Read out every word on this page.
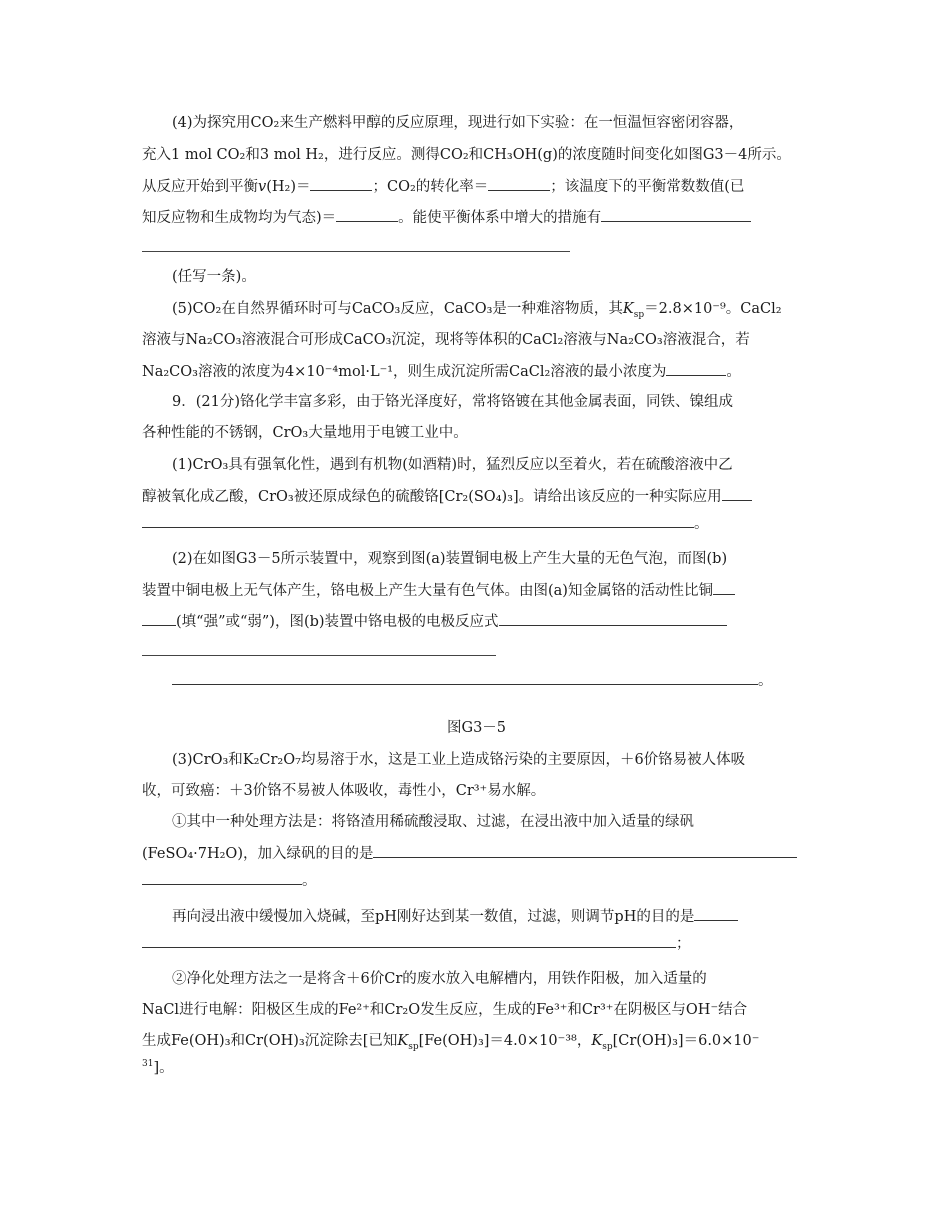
(4)为探究用CO₂来生产燃料甲醇的反应原理，现进行如下实验：在一恒温恒容密闭容器，
充入1 mol CO₂和3 mol H₂，进行反应。测得CO₂和CH₃OH(g)的浓度随时间变化如图G3－4所示。
从反应开始到平衡v(H₂)＝	；CO₂的转化率＝	；该温度下的平衡常数数值(已
知反应物和生成物均为气态)＝	。能使平衡体系中增大的措施有
(任写一条)。
(5)CO₂在自然界循环时可与CaCO₃反应，CaCO₃是一种难溶物质，其$K_{sp}=2.8\times 10^{-9}$。CaCl₂
溶液与Na₂CO₃溶液混合可形成CaCO₃沉淀，现将等体积的CaCl₂溶液与Na₂CO₃溶液混合，若
Na₂CO₃溶液的浓度为4×10⁻⁴mol·L⁻¹，则生成沉淀所需CaCl₂溶液的最小浓度为	。
9．(21分)铬化学丰富多彩，由于铬光泽度好，常将铬镀在其他金属表面，同铁、镍组成
各种性能的不锈钢，CrO₃大量地用于电镀工业中。
(1)CrO₃具有强氧化性，遇到有机物(如酒精)时，猛烈反应以至着火，若在硫酸溶液中乙
醇被氧化成乙酸，CrO₃被还原成绿色的硫酸铬[Cr₂(SO₄)₃]。请给出该反应的一种实际应用
。
(2)在如图G3－5所示装置中，观察到图(a)装置铜电极上产生大量的无色气泡，而图(b)
装置中铜电极上无气体产生，铬电极上产生大量有色气体。由图(a)知金属铬的活动性比铜
(填“强”或“弱”)，图(b)装置中铬电极的电极反应式
。
图G3－5
(3)CrO₃和K₂Cr₂O₇均易溶于水，这是工业上造成铬污染的主要原因，＋6价铬易被人体吸
收，可致癌：＋3价铬不易被人体吸收，毒性小，Cr³⁺易水解。
①其中一种处理方法是：将铬渣用稀硫酸浸取、过滤，在浸出液中加入适量的绿矾
(FeSO₄·7H₂O)，加入绿矾的目的是
。
再向浸出液中缓慢加入烧碱，至pH刚好达到某一数值，过滤，则调节pH的目的是
；
②净化处理方法之一是将含＋6价Cr的废水放入电解槽内，用铁作阳极，加入适量的
NaCl进行电解：阳极区生成的Fe²⁺和Cr₂O发生反应，生成的Fe³⁺和Cr³⁺在阴极区与OH⁻结合
生成Fe(OH)₃和Cr(OH)₃沉淀除去[已知$K_{sp}[Fe(OH)_3]=4.0\times 10^{-38}$，$K_{sp}[Cr(OH)_3]=6.0\times 10^-$
$^{31}$]。
